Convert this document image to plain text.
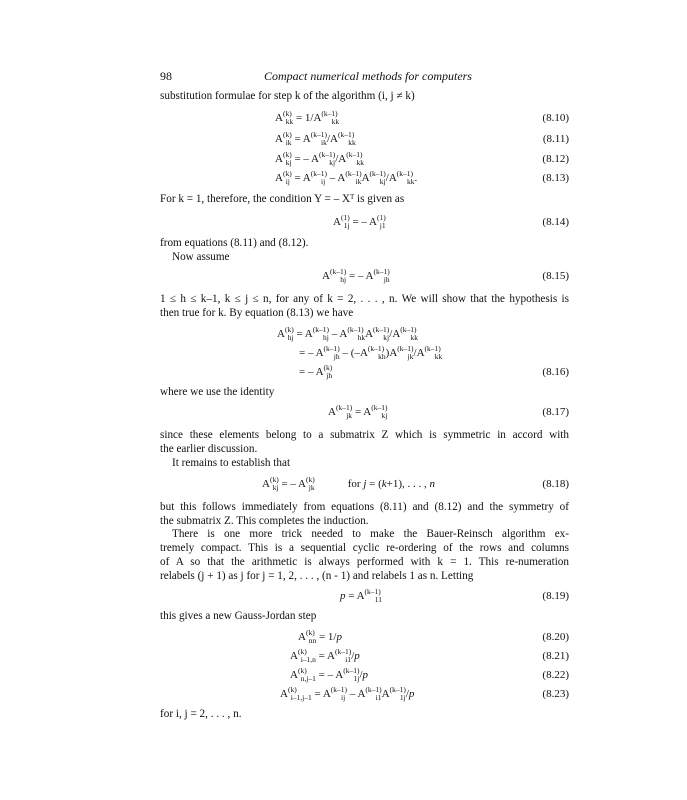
98	Compact numerical methods for computers
substitution formulae for step k of the algorithm (i, j ≠ k)
$A^{(k)}_{kk} = 1/A^{(k-1)}_{kk}$	(8.10)
$A^{(k)}_{ik} = A^{(k-1)}_{ik}/A^{(k-1)}_{kk}$	(8.11)
$A^{(k)}_{kj}$ = – $A^{(k-1)}_{kj}/A^{(k-1)}_{kk}$	(8.12)
$A^{(k)}_{ij} = A^{(k-1)}_{ij} - A^{(k-1)}_{ik}A^{(k-1)}_{kj}/A^{(k-1)}_{kk}$.	(8.13)
For k = 1, therefore, the condition Y = – Xᵀ is given as
$A^{(1)}_{1j}$ = – $A^{(1)}_{j1}$	(8.14)
from equations (8.11) and (8.12).
Now assume
$A^{(k-1)}_{hj}$ = – $A^{(k-1)}_{jh}$	(8.15)
1 ≤ h ≤ k–1, k ≤ j ≤ n, for any of k = 2, . . . , n. We will show that the hypothesis is
then true for k. By equation (8.13) we have
$A^{(k)}_{hj} = A^{(k-1)}_{hj} - A^{(k-1)}_{hk}A^{(k-1)}_{kj}/A^{(k-1)}_{kk}$
= – $A^{(k-1)}_{jh} - (-A^{(k-1)}_{kh})A^{(k-1)}_{jk}/A^{(k-1)}_{kk}$
= – $A^{(k)}_{jh}$	(8.16)
where we use the identity
$A^{(k-1)}_{jk} = A^{(k-1)}_{kj}$	(8.17)
since these elements belong to a submatrix Z which is symmetric in accord with
the earlier discussion.
It remains to establish that
$A^{(k)}_{kj}$ = – $A^{(k)}_{jk}$            for j = (k+1), . . . , n	(8.18)
but this follows immediately from equations (8.11) and (8.12) and the symmetry of
the submatrix Z. This completes the induction.
There is one more trick needed to make the Bauer-Reinsch algorithm ex-
tremely compact. This is a sequential cyclic re-ordering of the rows and columns
of A so that the arithmetic is always performed with k = 1. This re-numeration
relabels (j + 1) as j for j = 1, 2, . . . , (n - 1) and relabels 1 as n. Letting
$p = A^{(k-1)}_{11}$	(8.19)
this gives a new Gauss-Jordan step
$A^{(k)}_{nn} = 1/p$	(8.20)
$A^{(k)}_{i-1,n} = A^{(k-1)}_{i1}/p$	(8.21)
$A^{(k)}_{n,j-1}$ = – $A^{(k-1)}_{1j}/p$	(8.22)
$A^{(k)}_{i-1,j-1} = A^{(k-1)}_{ij} - A^{(k-1)}_{i1}A^{(k-1)}_{1j}/p$	(8.23)
for i, j = 2, . . . , n.
